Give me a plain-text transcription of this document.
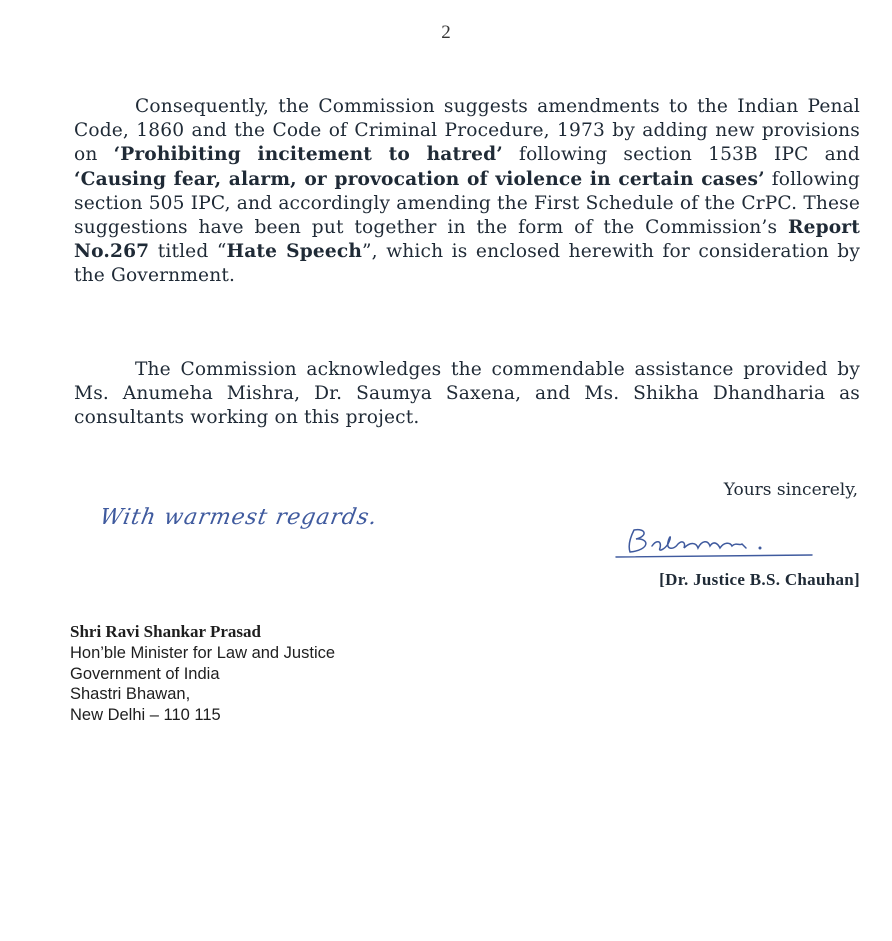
2

Consequently, the Commission suggests amendments to the Indian Penal Code, 1860 and the Code of Criminal Procedure, 1973 by adding new provisions on ‘Prohibiting incitement to hatred’ following section 153B IPC and ‘Causing fear, alarm, or provocation of violence in certain cases’ following section 505 IPC, and accordingly amending the First Schedule of the CrPC. These suggestions have been put together in the form of the Commission’s Report No.267 titled “Hate Speech”, which is enclosed herewith for consideration by the Government.

The Commission acknowledges the commendable assistance provided by Ms. Anumeha Mishra, Dr. Saumya Saxena, and Ms. Shikha Dhandharia as consultants working on this project.

Yours sincerely,
With warmest regards.
[Dr. Justice B.S. Chauhan]
Shri Ravi Shankar Prasad
Hon’ble Minister for Law and Justice
Government of India
Shastri Bhawan,
New Delhi – 110 115
